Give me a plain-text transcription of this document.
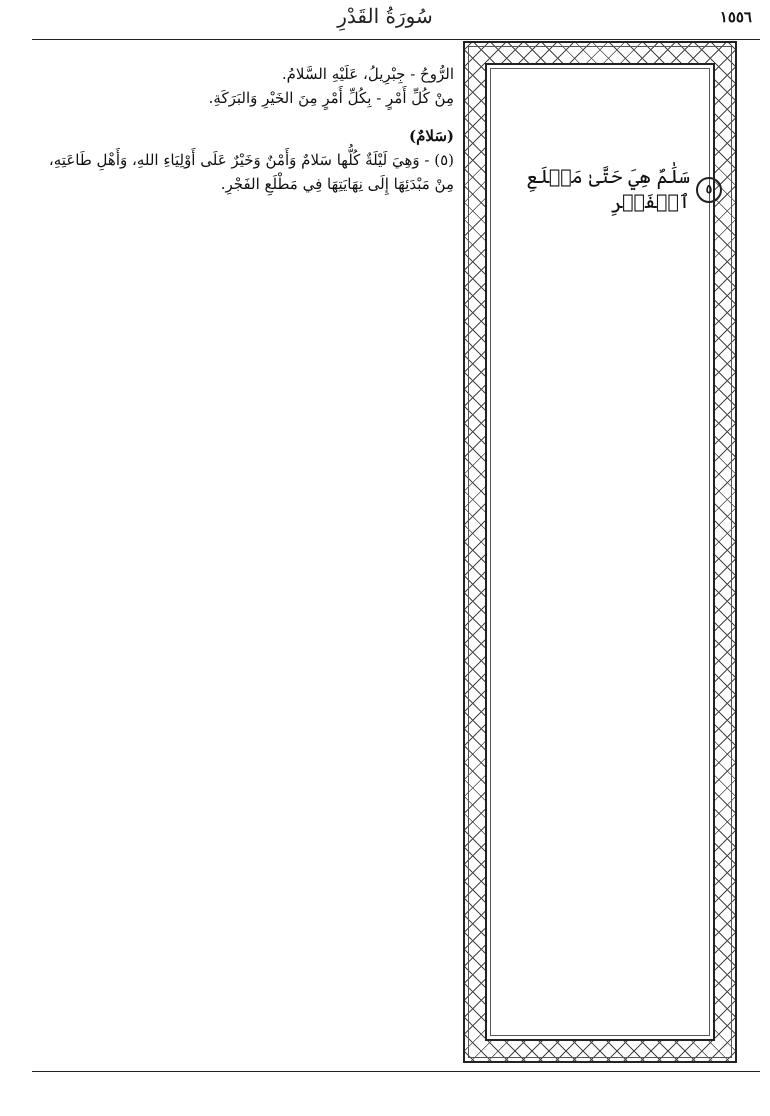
١٥٥٦
سُورَةُ القَدْرِ
٥
سَلَٰمٌ هِيَ حَتَّىٰ مَطۡلَعِ ٱلۡفَجۡرِ

الرُّوحُ - جِبْرِيلُ، عَلَيْهِ السَّلامُ.

مِنْ كُلِّ أَمْرٍ - بِكُلِّ أَمْرٍ مِنَ الخَيْرِ وَالبَرَكَةِ.

(سَلامٌ)

(٥) - وَهِيَ لَيْلَةٌ كُلُّها سَلامٌ وَأَمْنٌ وَخَيْرٌ عَلَى أَوْلِيَاءِ اللهِ، وَأَهْلِ طَاعَتِهِ،

مِنْ مَبْدَئِهَا إِلَى نِهَايَتِهَا فِي مَطْلَعِ الفَجْرِ.
